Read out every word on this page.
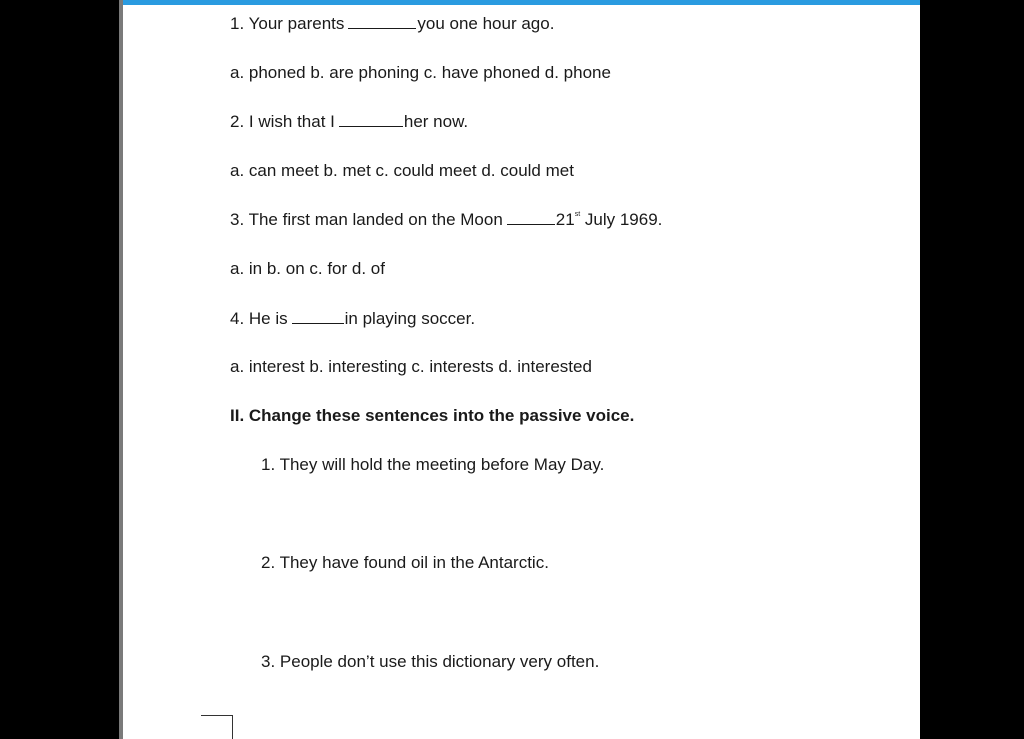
1. Your parents	you one hour ago.
a. phoned b. are phoning c. have phoned d. phone
2. I wish that I	her now.
a. can meet b. met c. could meet d. could met
3. The first man landed on the Moon	21st July 1969.
a. in b. on c. for d. of
4. He is	in playing soccer.
a. interest b. interesting c. interests d. interested
II. Change these sentences into the passive voice.
1. They will hold the meeting before May Day.
2. They have found oil in the Antarctic.
3. People don’t use this dictionary very often.
